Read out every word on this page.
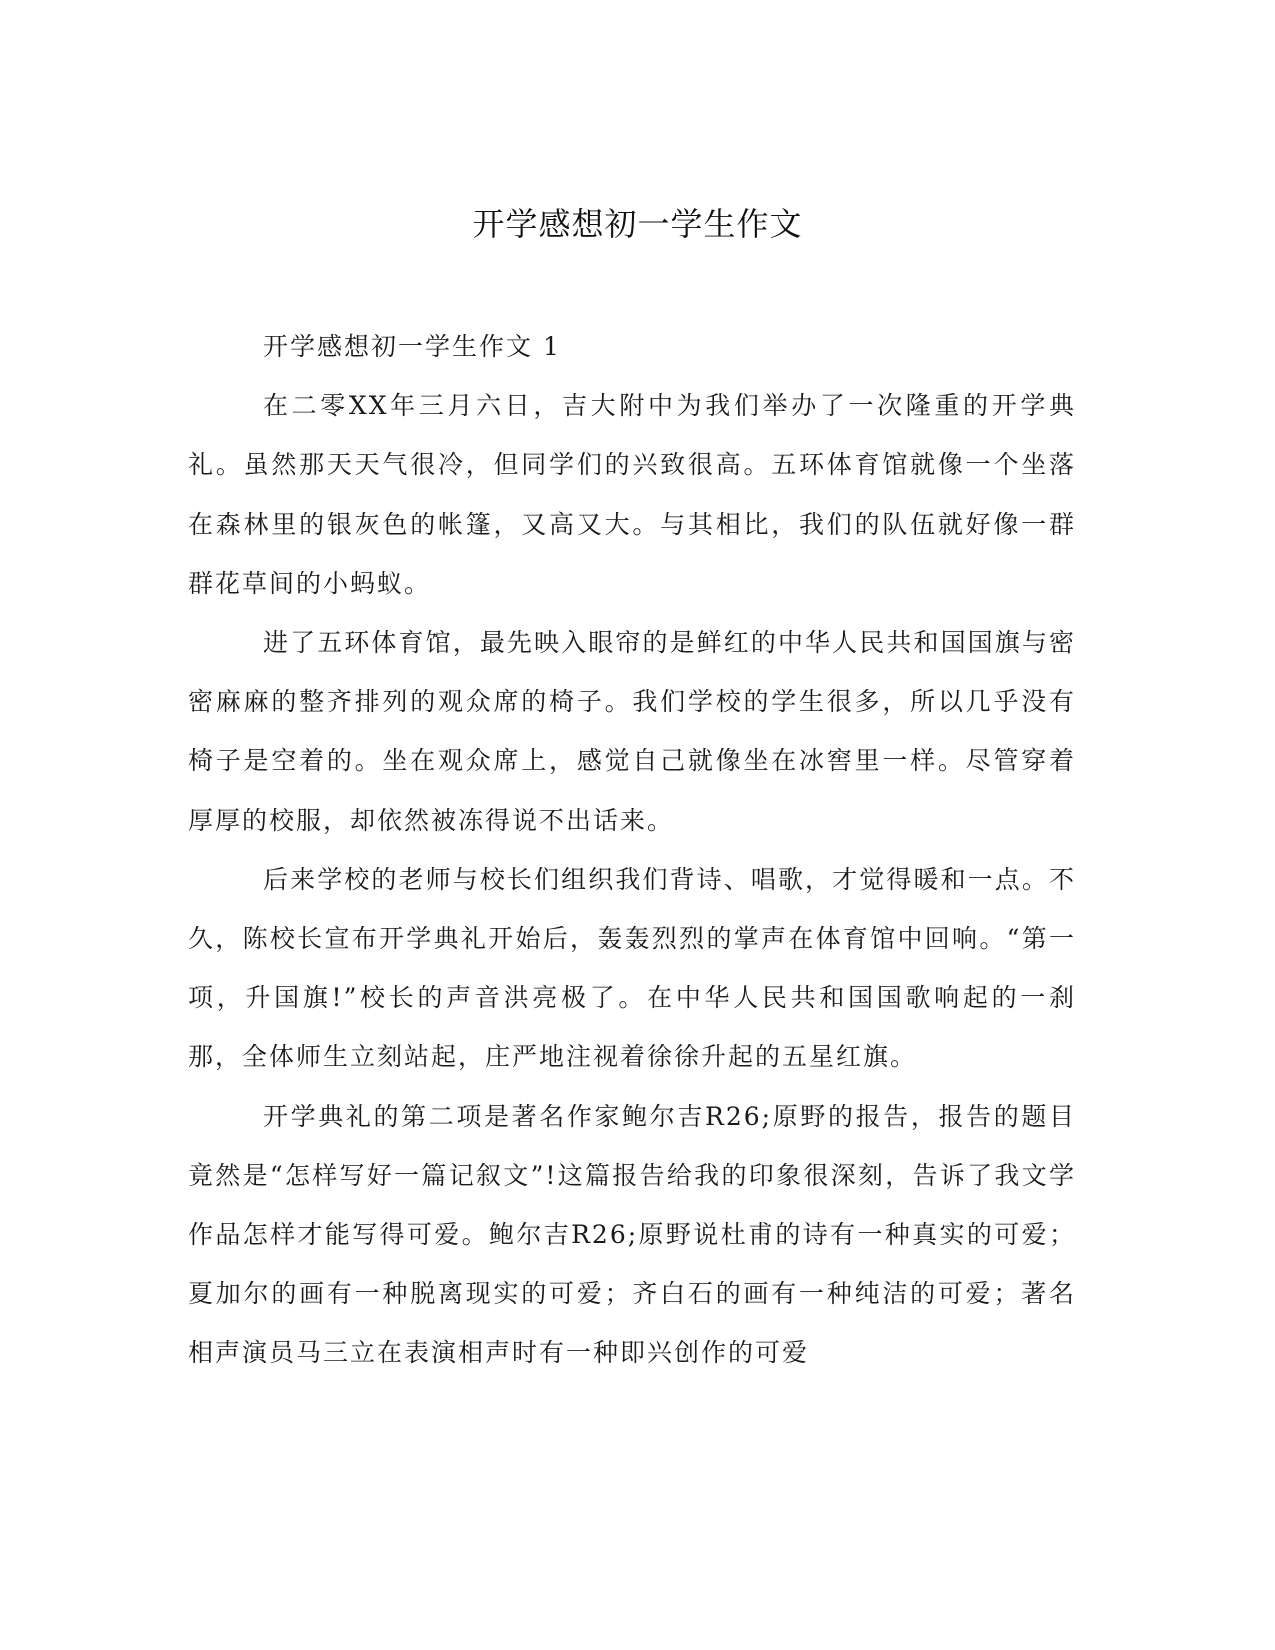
开学感想初一学生作文

开学感想初一学生作文 1

在二零XX年三月六日，吉大附中为我们举办了一次隆重的开学典礼。虽然那天天气很冷，但同学们的兴致很高。五环体育馆就像一个坐落在森林里的银灰色的帐篷，又高又大。与其相比，我们的队伍就好像一群群花草间的小蚂蚁。

进了五环体育馆，最先映入眼帘的是鲜红的中华人民共和国国旗与密密麻麻的整齐排列的观众席的椅子。我们学校的学生很多，所以几乎没有椅子是空着的。坐在观众席上，感觉自己就像坐在冰窖里一样。尽管穿着厚厚的校服，却依然被冻得说不出话来。

后来学校的老师与校长们组织我们背诗、唱歌，才觉得暖和一点。不久，陈校长宣布开学典礼开始后，轰轰烈烈的掌声在体育馆中回响。“第一项，升国旗!”校长的声音洪亮极了。在中华人民共和国国歌响起的一刹那，全体师生立刻站起，庄严地注视着徐徐升起的五星红旗。

开学典礼的第二项是著名作家鲍尔吉R26;原野的报告，报告的题目竟然是“怎样写好一篇记叙文”!这篇报告给我的印象很深刻，告诉了我文学作品怎样才能写得可爱。鲍尔吉R26;原野说杜甫的诗有一种真实的可爱；夏加尔的画有一种脱离现实的可爱；齐白石的画有一种纯洁的可爱；著名相声演员马三立在表演相声时有一种即兴创作的可爱
